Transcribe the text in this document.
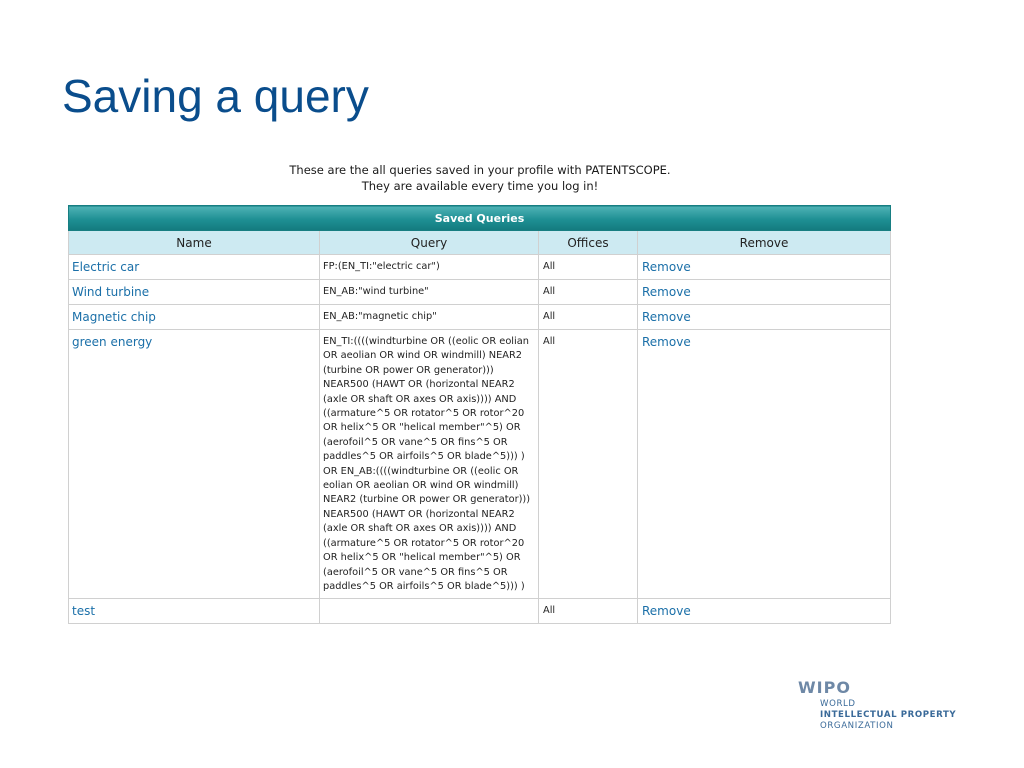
Saving a query
These are the all queries saved in your profile with PATENTSCOPE.
They are available every time you log in!
Saved Queries			
Name	Query	Offices	Remove
Electric car	FP:(EN_TI:"electric car")	All	Remove
Wind turbine	EN_AB:"wind turbine"	All	Remove
Magnetic chip	EN_AB:"magnetic chip"	All	Remove
green energy	EN_TI:((((windturbine OR ((eolic OR eolian OR aeolian OR wind OR windmill) NEAR2 (turbine OR power OR generator))) NEAR500 (HAWT OR (horizontal NEAR2 (axle OR shaft OR axes OR axis)))) AND ((armature^5 OR rotator^5 OR rotor^20 OR helix^5 OR "helical member"^5) OR (aerofoil^5 OR vane^5 OR fins^5 OR paddles^5 OR airfoils^5 OR blade^5))) ) OR EN_AB:((((windturbine OR ((eolic OR eolian OR aeolian OR wind OR windmill) NEAR2 (turbine OR power OR generator))) NEAR500 (HAWT OR (horizontal NEAR2 (axle OR shaft OR axes OR axis)))) AND ((armature^5 OR rotator^5 OR rotor^20 OR helix^5 OR "helical member"^5) OR (aerofoil^5 OR vane^5 OR fins^5 OR paddles^5 OR airfoils^5 OR blade^5))) )	All	Remove
test		All	Remove
WIPO
WORLD
INTELLECTUAL PROPERTY
ORGANIZATION
